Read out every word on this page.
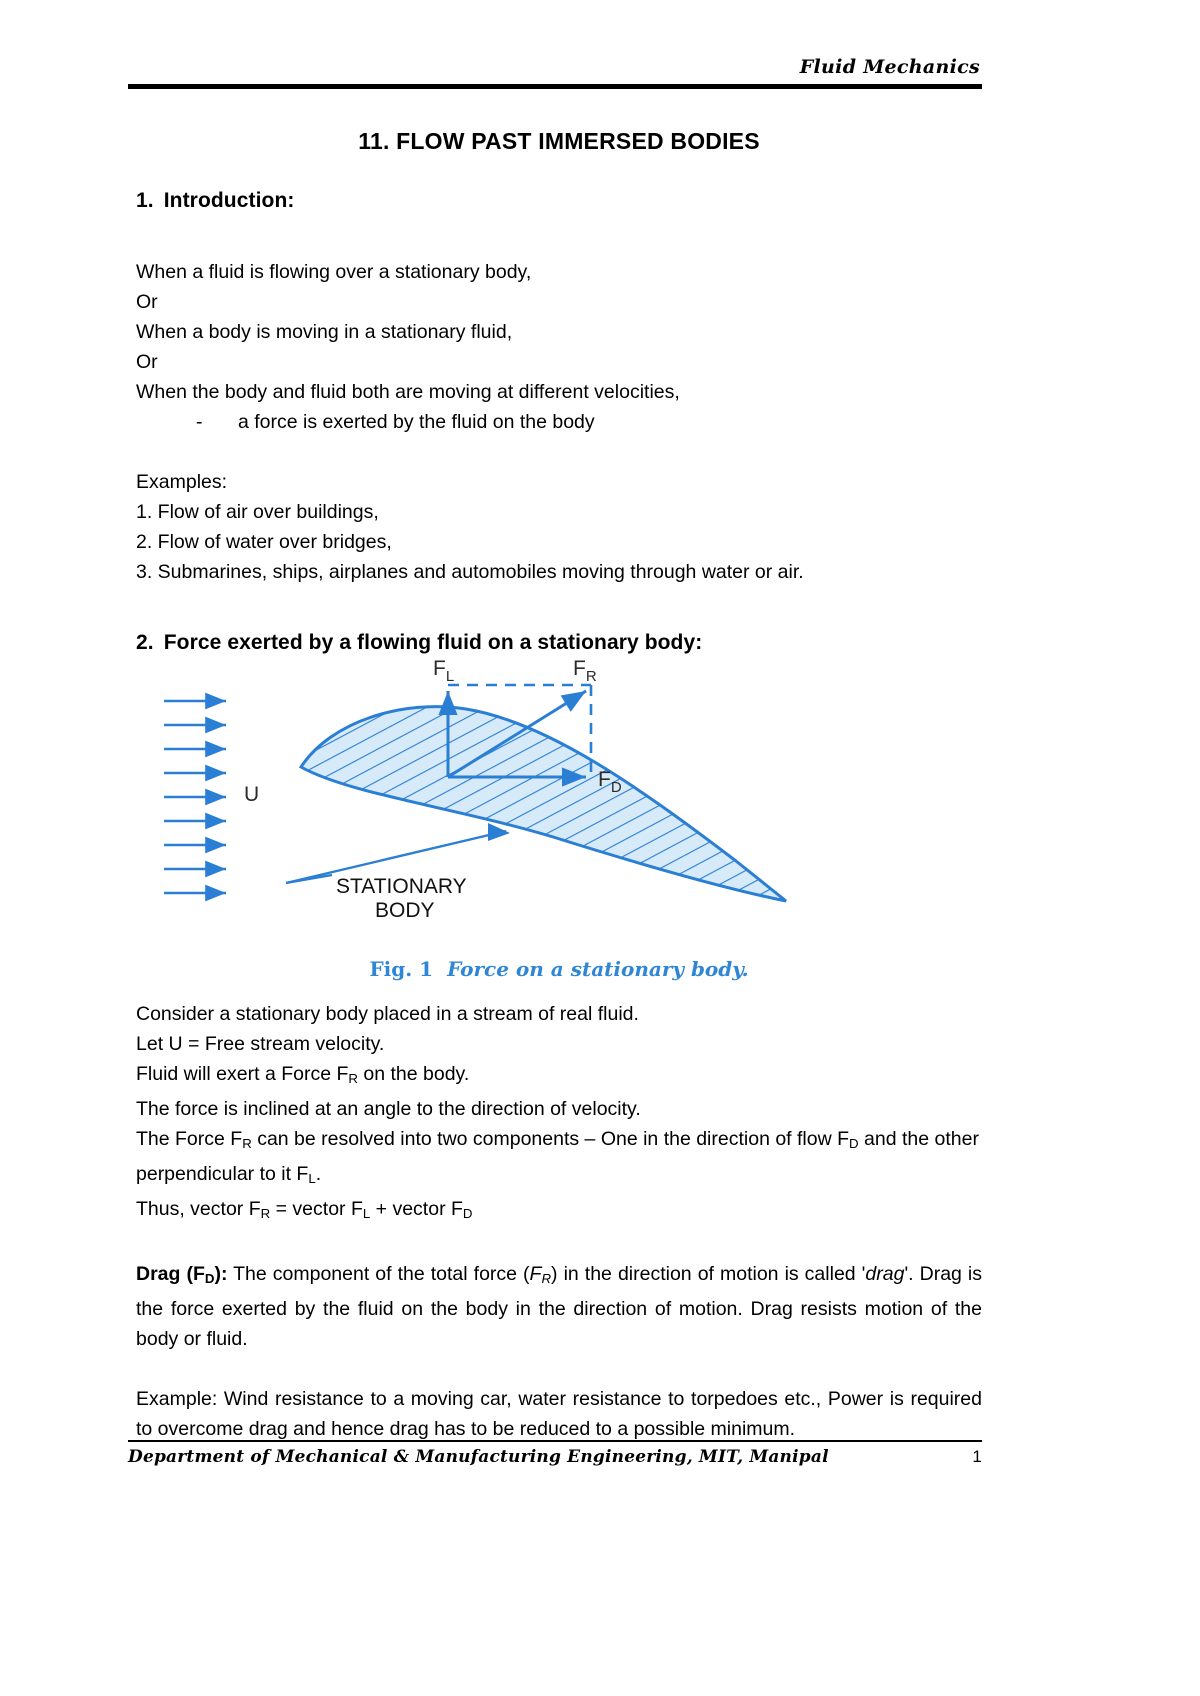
Fluid Mechanics
11. FLOW PAST IMMERSED BODIES
1. Introduction:
When a fluid is flowing over a stationary body,
Or
When a body is moving in a stationary fluid,
Or
When the body and fluid both are moving at different velocities,
- a force is exerted by the fluid on the body
Examples:
1. Flow of air over buildings,
2. Flow of water over bridges,
3. Submarines, ships, airplanes and automobiles moving through water or air.
2. Force exerted by a flowing fluid on a stationary body:
$F_L$	$F_R$
$F_D$
U
STATIONARY
BODY
Fig. 1 Force on a stationary body.
Consider a stationary body placed in a stream of real fluid.
Let U = Free stream velocity.
Fluid will exert a Force $F_R$ on the body.
The force is inclined at an angle to the direction of velocity.
The Force $F_R$ can be resolved into two components – One in the direction of flow $F_D$ and the other perpendicular to it $F_L$.
Thus, vector $F_R$ = vector $F_L$ + vector $F_D$
Drag $(F_D)$: The component of the total force $(F_R)$ in the direction of motion is called 'drag'. Drag is the force exerted by the fluid on the body in the direction of motion. Drag resists motion of the body or fluid.
Example: Wind resistance to a moving car, water resistance to torpedoes etc., Power is required to overcome drag and hence drag has to be reduced to a possible minimum.
Department of Mechanical & Manufacturing Engineering, MIT, Manipal	1
